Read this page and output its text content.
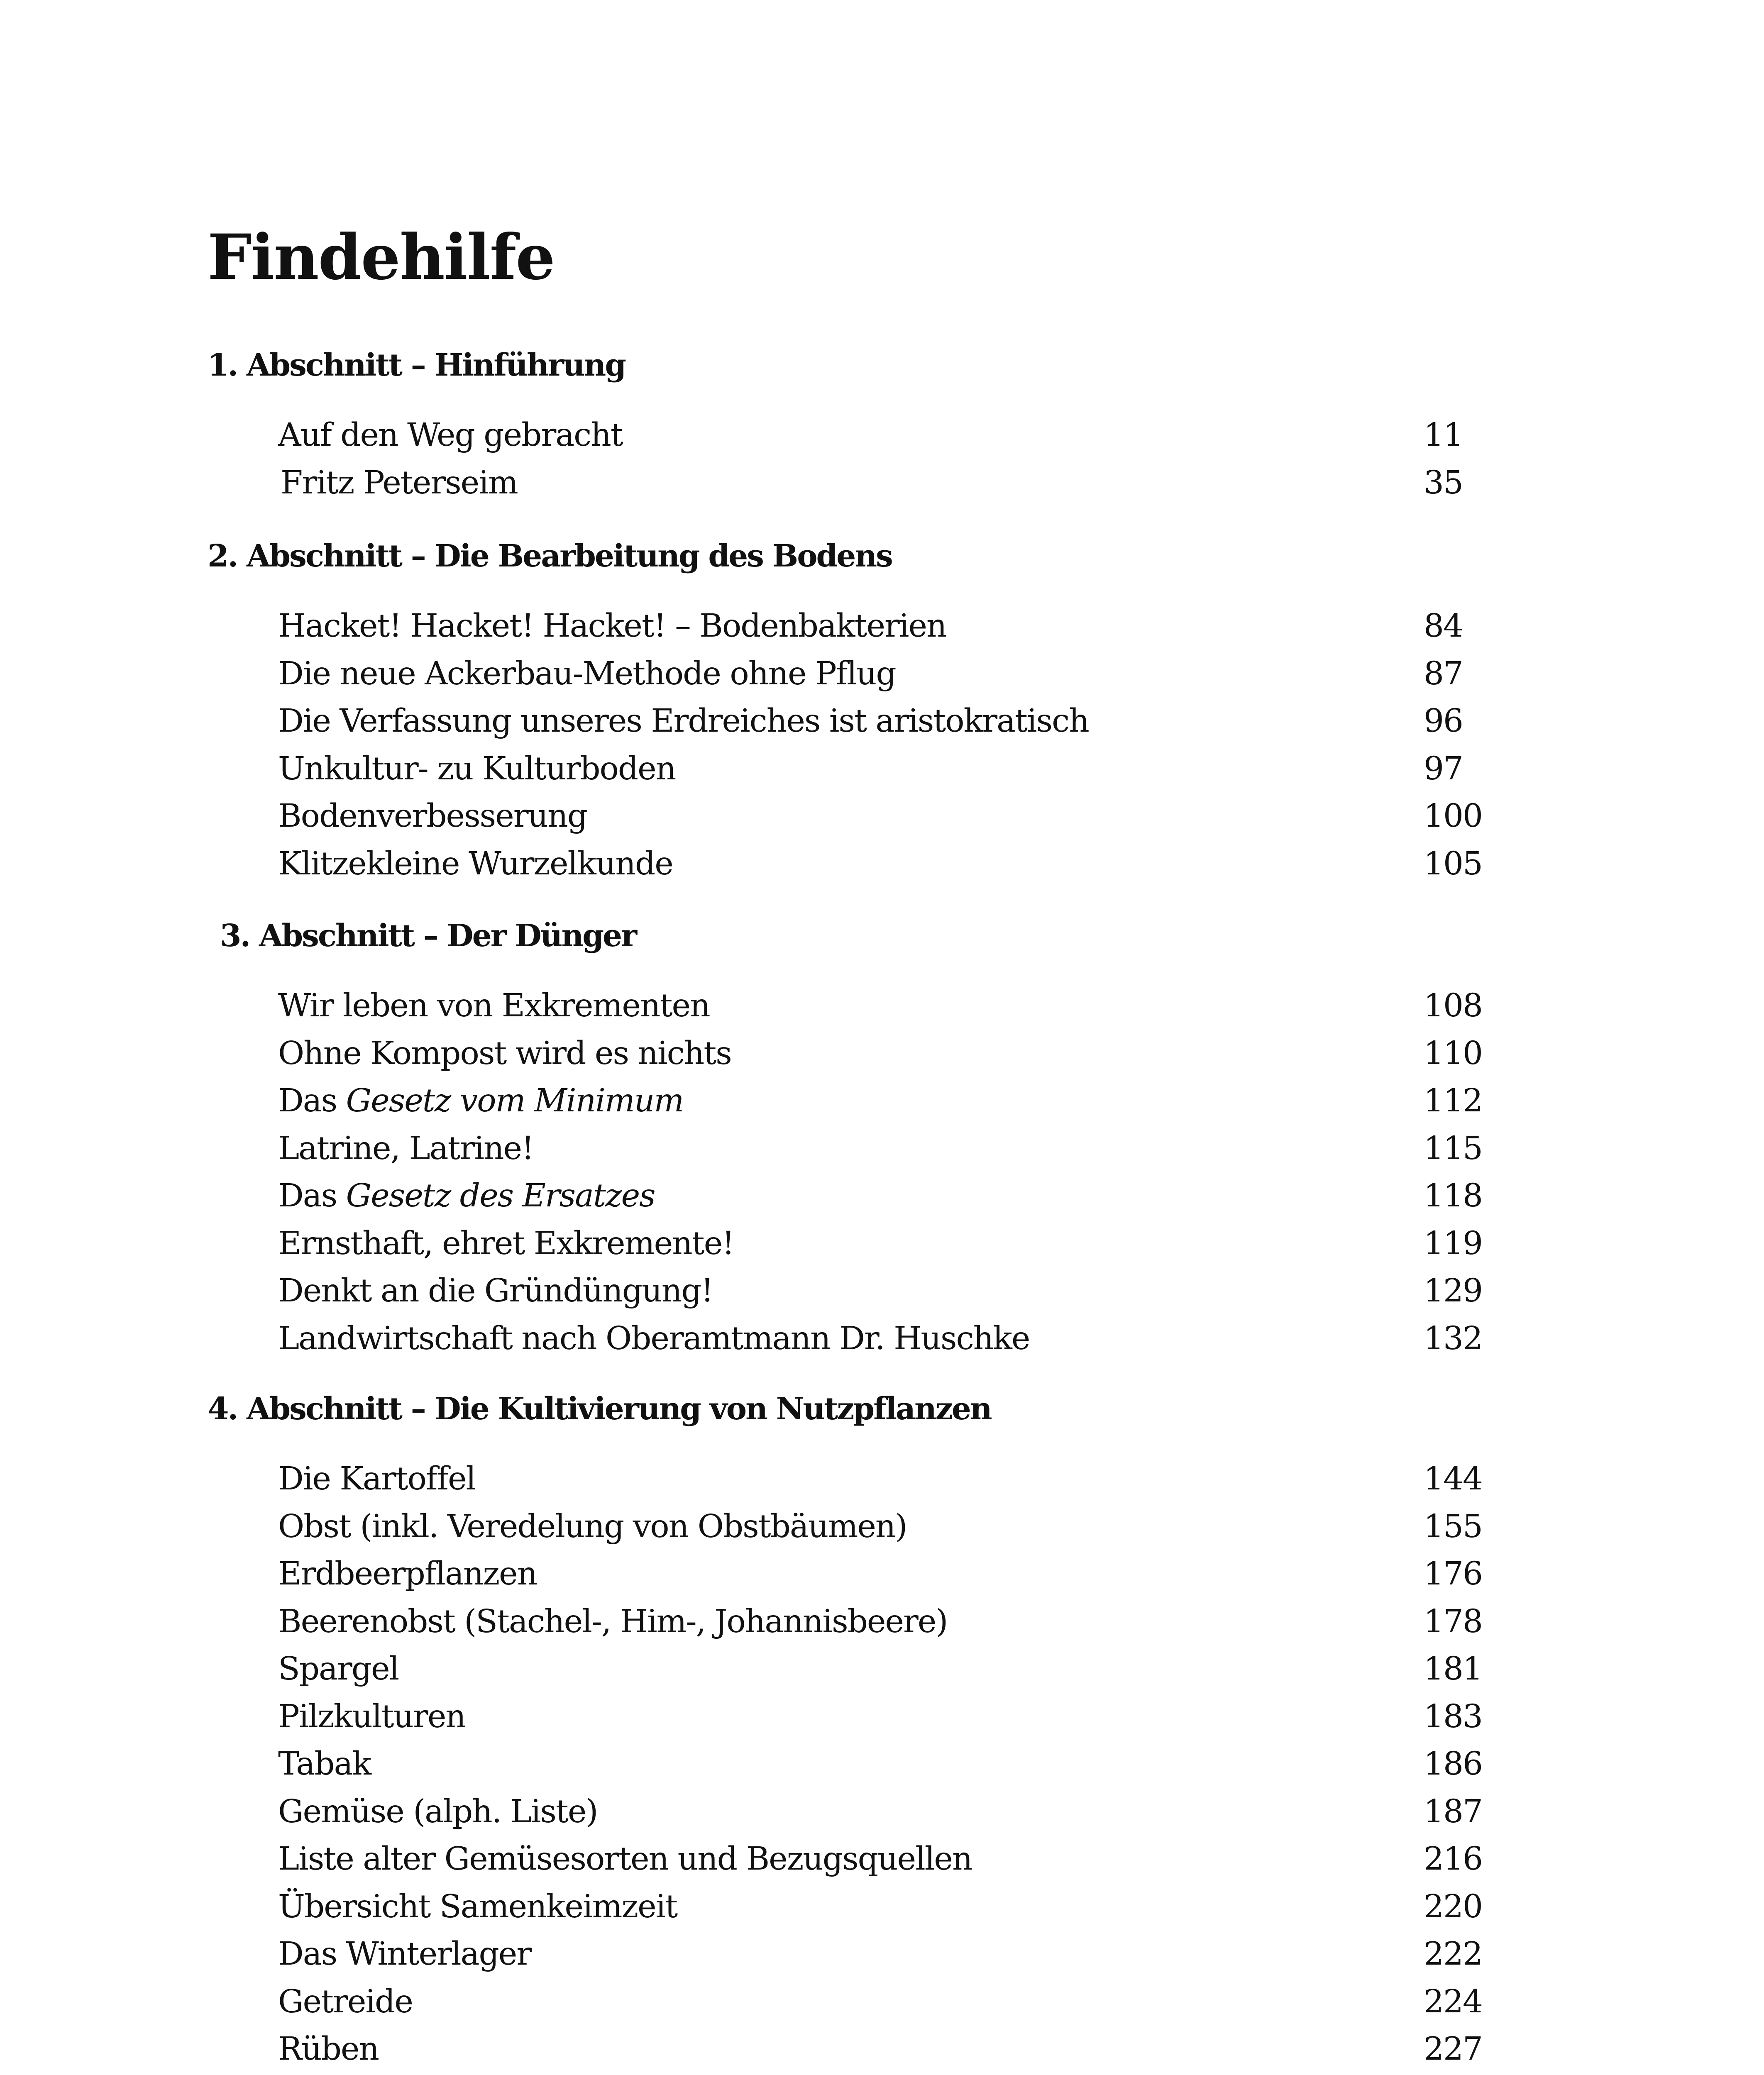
Findehilfe
1. Abschnitt – Hinführung
Auf den Weg gebracht	11
Fritz Peterseim	35
2. Abschnitt – Die Bearbeitung des Bodens
Hacket! Hacket! Hacket! – Bodenbakterien	84
Die neue Ackerbau-Methode ohne Pflug	87
Die Verfassung unseres Erdreiches ist aristokratisch	96
Unkultur- zu Kulturboden	97
Bodenverbesserung	100
Klitzekleine Wurzelkunde	105
3. Abschnitt – Der Dünger
Wir leben von Exkrementen	108
Ohne Kompost wird es nichts	110
Das Gesetz vom Minimum	112
Latrine, Latrine!	115
Das Gesetz des Ersatzes	118
Ernsthaft, ehret Exkremente!	119
Denkt an die Gründüngung!	129
Landwirtschaft nach Oberamtmann Dr. Huschke	132
4. Abschnitt – Die Kultivierung von Nutzpflanzen
Die Kartoffel	144
Obst (inkl. Veredelung von Obstbäumen)	155
Erdbeerpflanzen	176
Beerenobst (Stachel-, Him-, Johannisbeere)	178
Spargel	181
Pilzkulturen	183
Tabak	186
Gemüse (alph. Liste)	187
Liste alter Gemüsesorten und Bezugsquellen	216
Übersicht Samenkeimzeit	220
Das Winterlager	222
Getreide	224
Rüben	227
